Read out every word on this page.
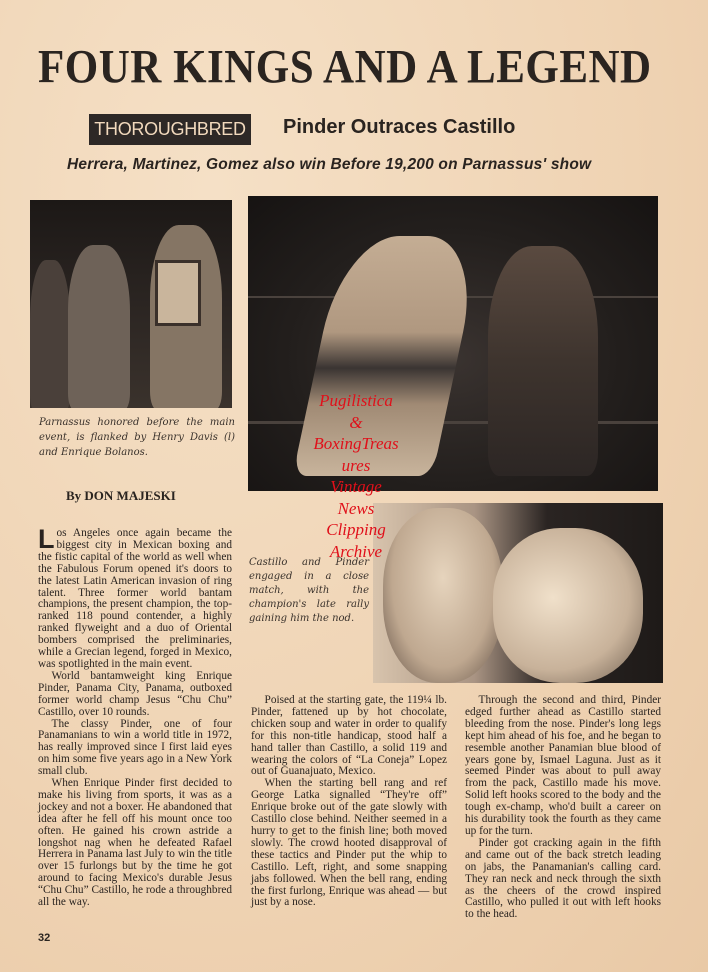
FOUR KINGS AND A LEGEND
THOROUGHBRED Pinder Outraces Castillo
Herrera, Martinez, Gomez also win Before 19,200 on Parnassus' show
Parnassus honored before the main event, is flanked by Henry Davis (l) and Enrique Bolanos.
By DON MAJESKI
Castillo and Pinder engaged in a close match, with the champion's late rally gaining him the nod.
Pugilistica
&
BoxingTreas
ures
Vintage
News
Clipping
Archive

Los Angeles once again became the biggest city in Mexican boxing and the fistic capital of the world as well when the Fabulous Forum opened it's doors to the latest Latin American invasion of ring talent. Three former world bantam champions, the present champion, the top-ranked 118 pound contender, a highly ranked flyweight and a duo of Oriental bombers comprised the preliminaries, while a Grecian legend, forged in Mexico, was spotlighted in the main event.

World bantamweight king Enrique Pinder, Panama City, Panama, outboxed former world champ Jesus “Chu Chu” Castillo, over 10 rounds.

The classy Pinder, one of four Panamanians to win a world title in 1972, has really improved since I first laid eyes on him some five years ago in a New York small club.

When Enrique Pinder first decided to make his living from sports, it was as a jockey and not a boxer. He abandoned that idea after he fell off his mount once too often. He gained his crown astride a longshot nag when he defeated Rafael Herrera in Panama last July to win the title over 15 furlongs but by the time he got around to facing Mexico's durable Jesus “Chu Chu” Castillo, he rode a throughbred all the way.

Poised at the starting gate, the 119¼ lb. Pinder, fattened up by hot chocolate, chicken soup and water in order to qualify for this non-title handicap, stood half a hand taller than Castillo, a solid 119 and wearing the colors of “La Coneja” Lopez out of Guanajuato, Mexico.

When the starting bell rang and ref George Latka signalled “They're off” Enrique broke out of the gate slowly with Castillo close behind. Neither seemed in a hurry to get to the finish line; both moved slowly. The crowd hooted disapproval of these tactics and Pinder put the whip to Castillo. Left, right, and some snapping jabs followed. When the bell rang, ending the first furlong, Enrique was ahead — but just by a nose.

Through the second and third, Pinder edged further ahead as Castillo started bleeding from the nose. Pinder's long legs kept him ahead of his foe, and he began to resemble another Panamian blue blood of years gone by, Ismael Laguna. Just as it seemed Pinder was about to pull away from the pack, Castillo made his move. Solid left hooks scored to the body and the tough ex-champ, who'd built a career on his durability took the fourth as they came up for the turn.

Pinder got cracking again in the fifth and came out of the back stretch leading on jabs, the Panamanian's calling card. They ran neck and neck through the sixth as the cheers of the crowd inspired Castillo, who pulled it out with left hooks to the head.

32
